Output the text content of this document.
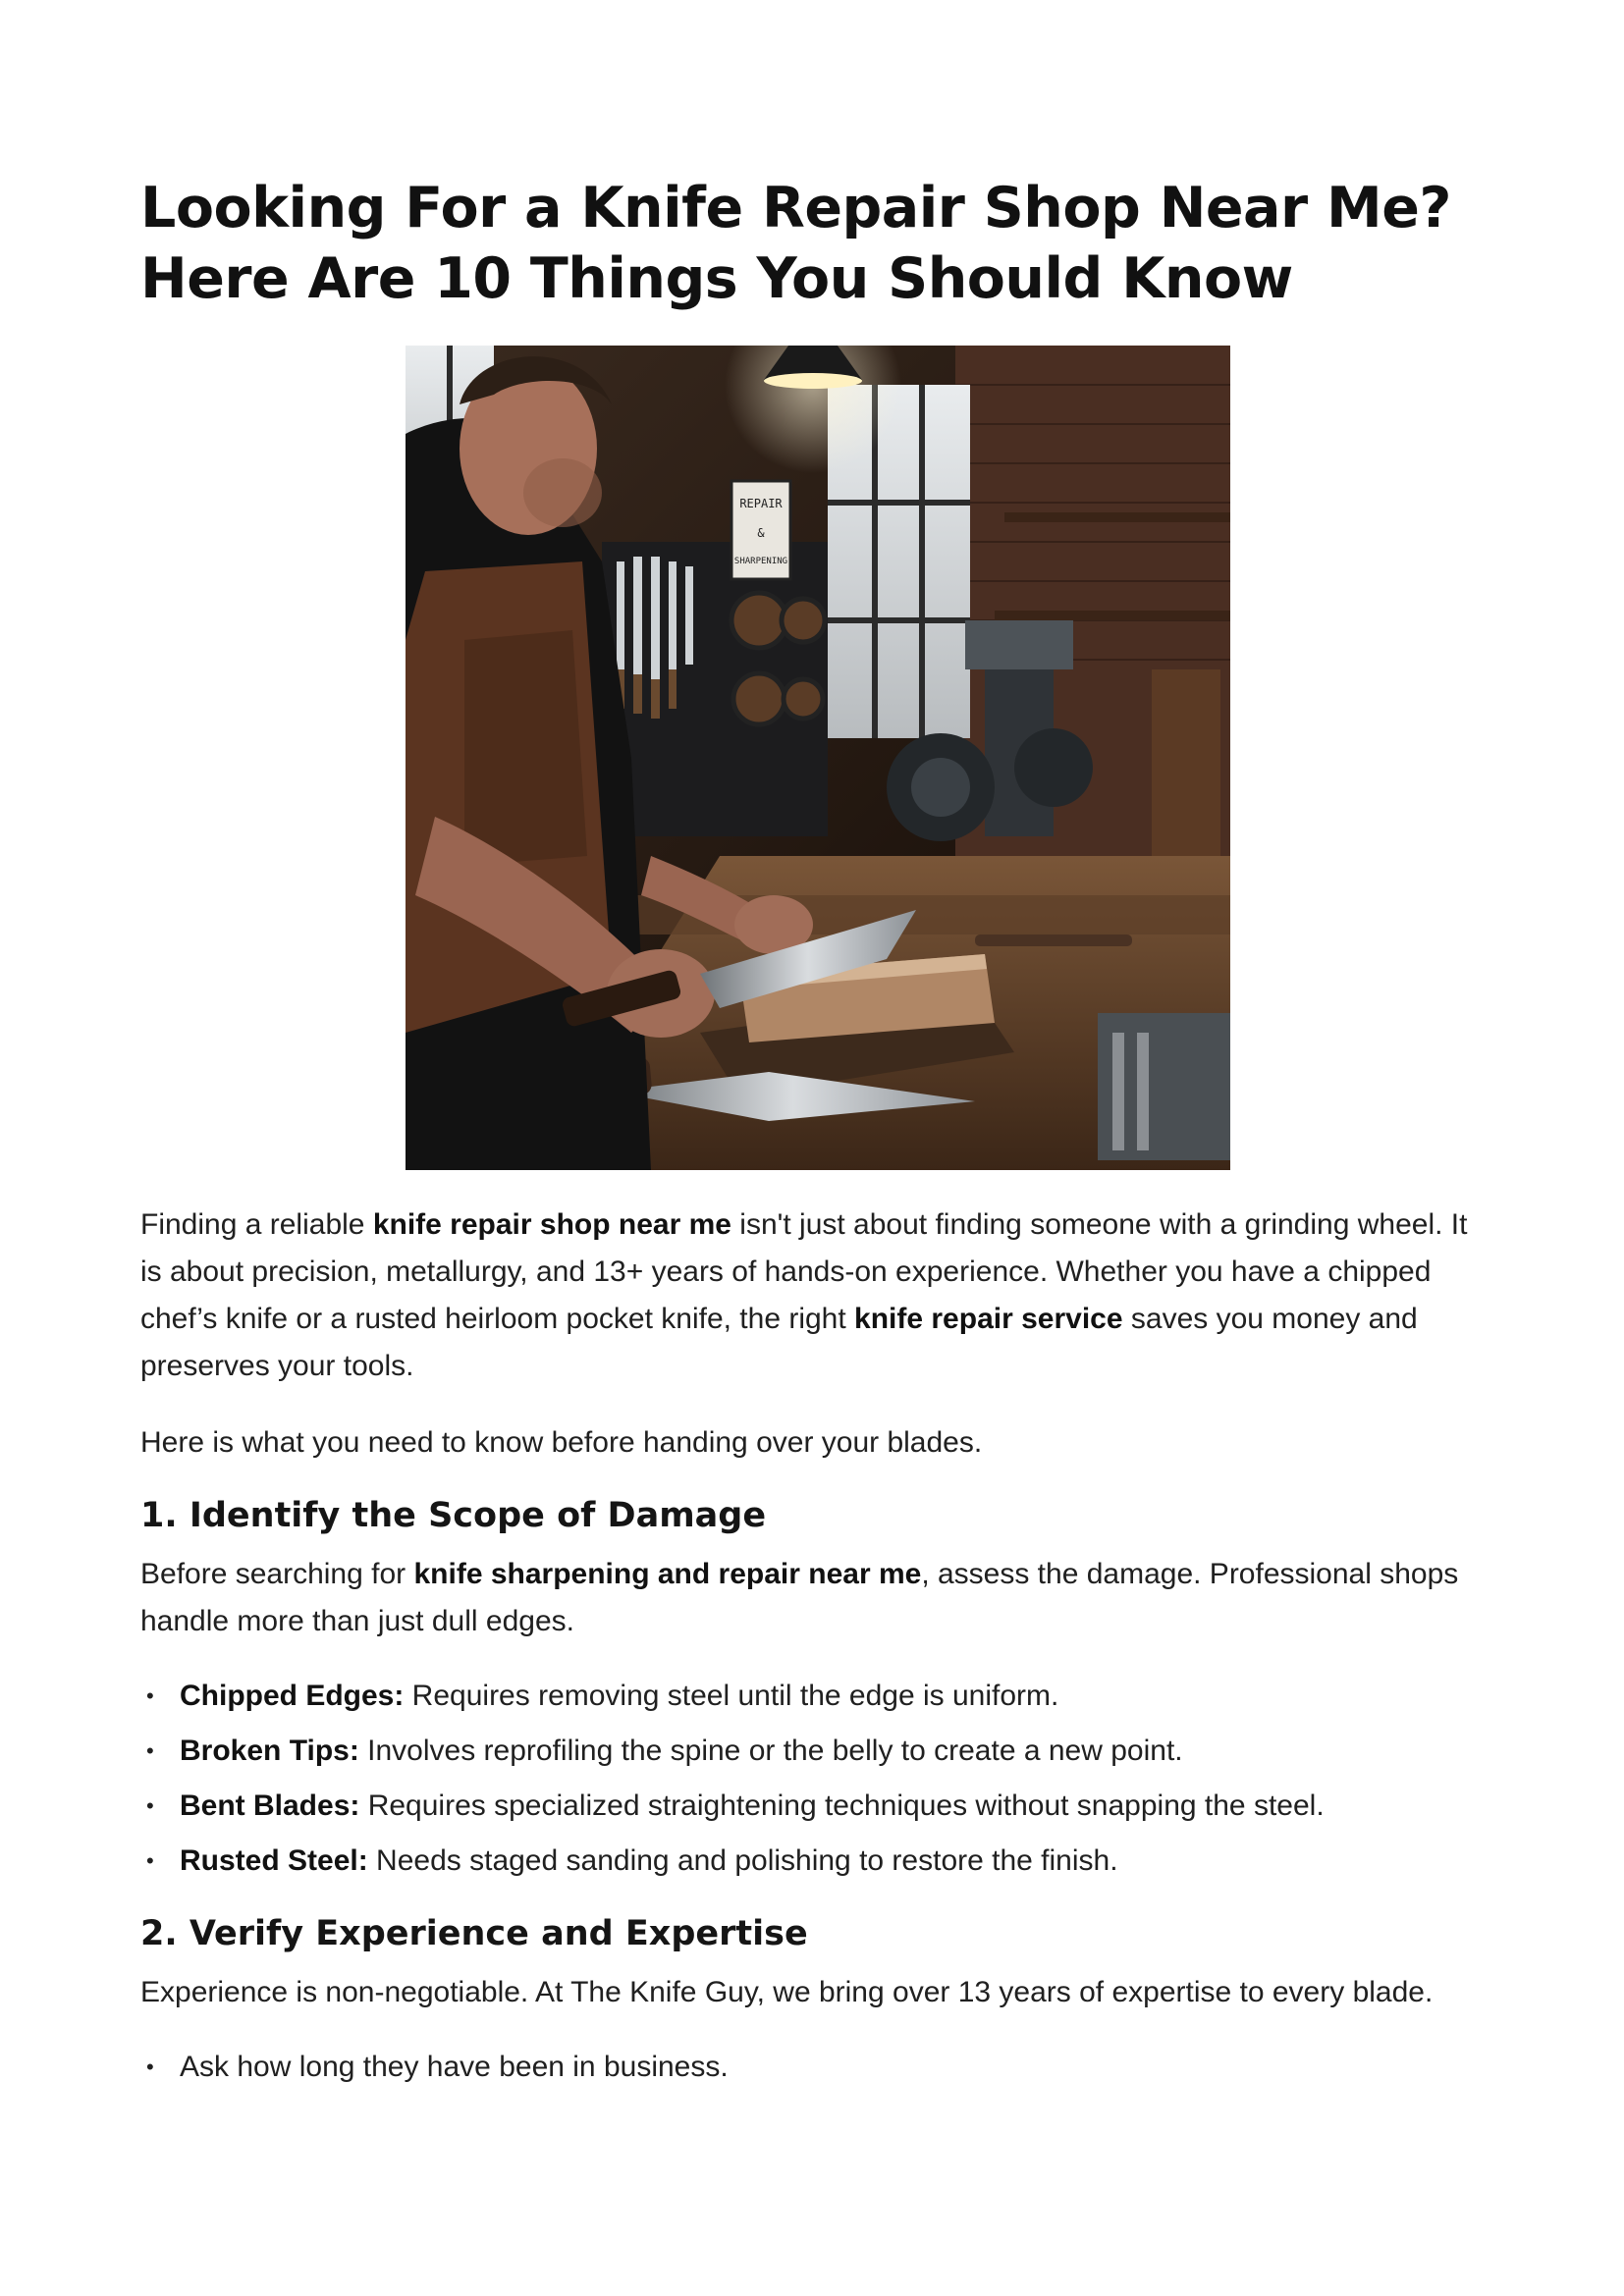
Looking For a Knife Repair Shop Near Me? Here Are 10 Things You Should Know
REPAIR
&
SHARPENING

Finding a reliable knife repair shop near me isn't just about finding someone with a grinding wheel. It is about precision, metallurgy, and 13+ years of hands-on experience. Whether you have a chipped chef’s knife or a rusted heirloom pocket knife, the right knife repair service saves you money and preserves your tools.

Here is what you need to know before handing over your blades.

1. Identify the Scope of Damage

Before searching for knife sharpening and repair near me, assess the damage. Professional shops handle more than just dull edges.

• Chipped Edges: Requires removing steel until the edge is uniform.
• Broken Tips: Involves reprofiling the spine or the belly to create a new point.
• Bent Blades: Requires specialized straightening techniques without snapping the steel.
• Rusted Steel: Needs staged sanding and polishing to restore the finish.
2. Verify Experience and Expertise

Experience is non-negotiable. At The Knife Guy, we bring over 13 years of expertise to every blade.

• Ask how long they have been in business.
